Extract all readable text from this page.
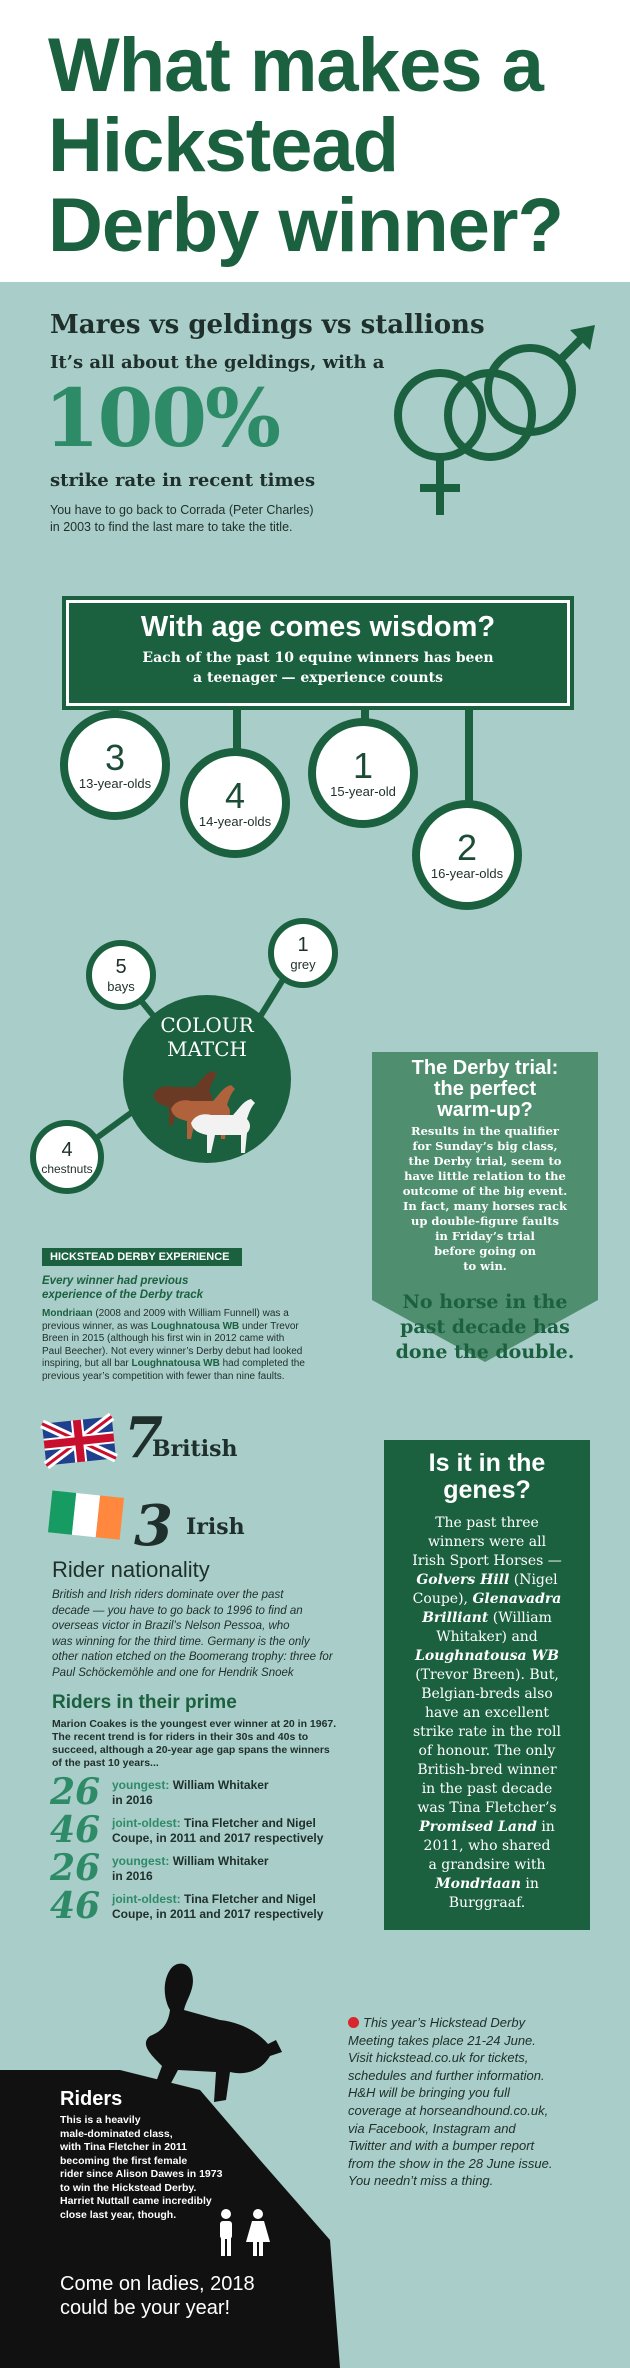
What makes a
Hickstead
Derby winner?
Mares vs geldings vs stallions
It’s all about the geldings, with a
100%
strike rate in recent times
You have to go back to Corrada (Peter Charles)
in 2003 to find the last mare to take the title.
With age comes wisdom?
Each of the past 10 equine winners has been
a teenager — experience counts
3
13-year-olds 4
14-year-olds
1
15-year-old
2
16-year-olds
COLOUR
MATCH
5
bays
1
grey
4
chestnuts
The Derby trial:
the perfect
warm-up?
Results in the qualifier
for Sunday’s big class,
the Derby trial, seem to
have little relation to the
outcome of the big event.
In fact, many horses rack
up double-figure faults
in Friday’s trial
before going on
to win.
No horse in the
past decade has
done the double.
HICKSTEAD DERBY EXPERIENCE
Every winner had previous
experience of the Derby track
Mondriaan (2008 and 2009 with William Funnell) was a
previous winner, as was Loughnatousa WB under Trevor
Breen in 2015 (although his first win in 2012 came with
Paul Beecher). Not every winner’s Derby debut had looked
inspiring, but all bar Loughnatousa WB had completed the
previous year’s competition with fewer than nine faults.
7
British
3 Irish
Rider nationality
British and Irish riders dominate over the past
decade — you have to go back to 1996 to find an
overseas victor in Brazil’s Nelson Pessoa, who
was winning for the third time. Germany is the only
other nation etched on the Boomerang trophy: three for
Paul Schöckemöhle and one for Hendrik Snoek
Is it in the
genes?
The past three
winners were all
Irish Sport Horses —
Golvers Hill (Nigel
Coupe), Glenavadra
Brilliant (William
Whitaker) and
Loughnatousa WB
(Trevor Breen). But,
Belgian-breds also
have an excellent
strike rate in the roll
of honour. The only
British-bred winner
in the past decade
was Tina Fletcher’s
Promised Land in
2011, who shared
a grandsire with
Mondriaan in
Burggraaf.
Riders in their prime
Marion Coakes is the youngest ever winner at 20 in 1967.
The recent trend is for riders in their 30s and 40s to
succeed, although a 20-year age gap spans the winners
of the past 10 years...
26 youngest: William Whitaker
in 2016
46 joint-oldest: Tina Fletcher and Nigel
Coupe, in 2011 and 2017 respectively
26 youngest: William Whitaker
in 2016
46 joint-oldest: Tina Fletcher and Nigel
Coupe, in 2011 and 2017 respectively
Riders
This is a heavily
male-dominated class,
with Tina Fletcher in 2011
becoming the first female
rider since Alison Dawes in 1973
to win the Hickstead Derby.
Harriet Nuttall came incredibly
close last year, though.
Come on ladies, 2018
could be your year!
This year’s Hickstead Derby
Meeting takes place 21-24 June.
Visit hickstead.co.uk for tickets,
schedules and further information.
H&H will be bringing you full
coverage at horseandhound.co.uk,
via Facebook, Instagram and
Twitter and with a bumper report
from the show in the 28 June issue.
You needn’t miss a thing.
